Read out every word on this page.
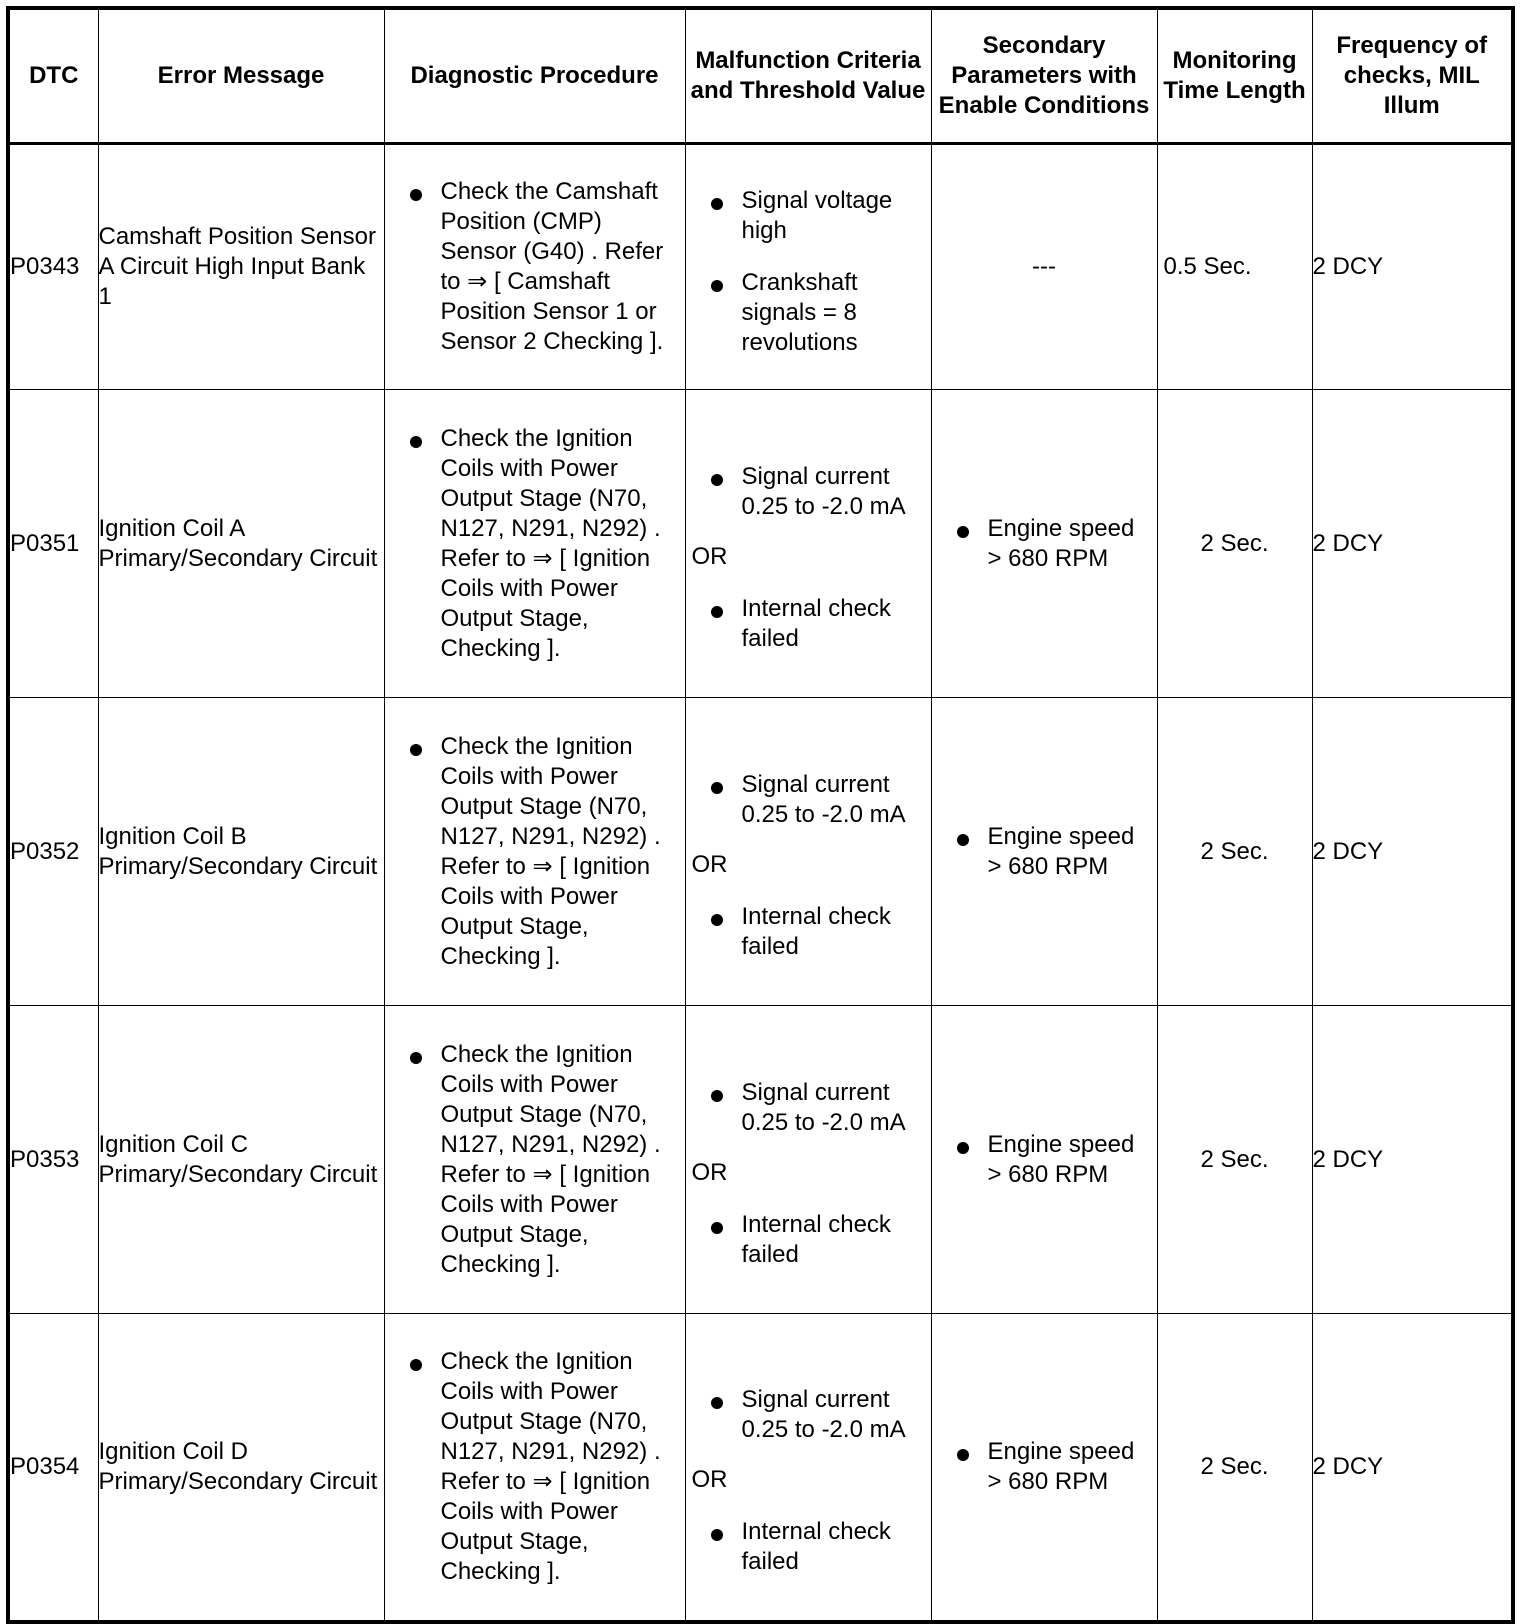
DTC	Error Message	Diagnostic Procedure	Malfunction Criteria and Threshold Value	Secondary Parameters with Enable Conditions	Monitoring Time Length	Frequency of checks, MIL Illum
P0343	Camshaft Position Sensor A Circuit High Input Bank 1	Check the Camshaft Position (CMP) Sensor (G40) . Refer to ⇒ [ Camshaft Position Sensor 1 or Sensor 2 Checking ].	Signal voltage high
Crankshaft signals = 8 revolutions	---	0.5 Sec.	2 DCY
P0351	Ignition Coil A Primary/Secondary Circuit	Check the Ignition Coils with Power Output Stage (N70, N127, N291, N292) . Refer to ⇒ [ Ignition Coils with Power Output Stage, Checking ].	Signal current 0.25 to -2.0 mA
OR
Internal check failed	Engine speed > 680 RPM	2 Sec.	2 DCY
P0352	Ignition Coil B Primary/Secondary Circuit	Check the Ignition Coils with Power Output Stage (N70, N127, N291, N292) . Refer to ⇒ [ Ignition Coils with Power Output Stage, Checking ].	Signal current 0.25 to -2.0 mA
OR
Internal check failed	Engine speed > 680 RPM	2 Sec.	2 DCY
P0353	Ignition Coil C Primary/Secondary Circuit	Check the Ignition Coils with Power Output Stage (N70, N127, N291, N292) . Refer to ⇒ [ Ignition Coils with Power Output Stage, Checking ].	Signal current 0.25 to -2.0 mA
OR
Internal check failed	Engine speed > 680 RPM	2 Sec.	2 DCY
P0354	Ignition Coil D Primary/Secondary Circuit	Check the Ignition Coils with Power Output Stage (N70, N127, N291, N292) . Refer to ⇒ [ Ignition Coils with Power Output Stage, Checking ].	Signal current 0.25 to -2.0 mA
OR
Internal check failed	Engine speed > 680 RPM	2 Sec.	2 DCY
